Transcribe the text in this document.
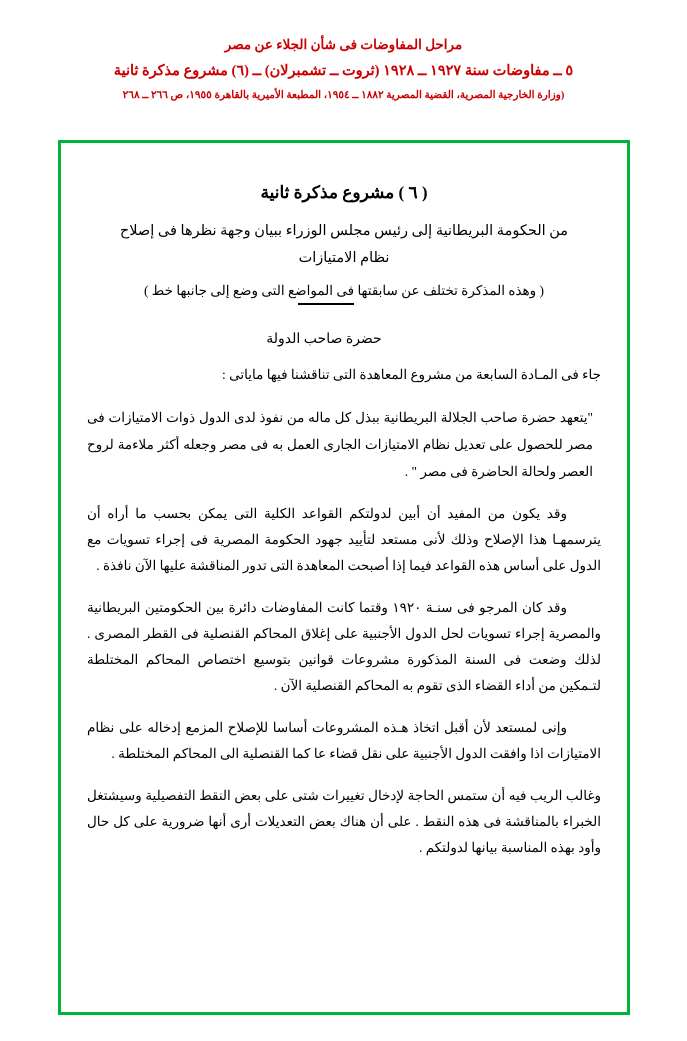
مراحل المفاوضات فى شأن الجلاء عن مصر
٥ ــ مفاوضات سنة ١٩٢٧ ــ ١٩٢٨ (ثروت ــ تشمبرلان) ــ (٦) مشروع مذكرة ثانية
(وزارة الخارجية المصرية، القضية المصرية ١٨٨٢ ــ ١٩٥٤، المطبعة الأميرية بالقاهرة ١٩٥٥، ص ٢٦٦ ــ ٢٦٨
( ٦ ) مشروع مذكرة ثانية
من الحكومة البريطانية إلى رئيس مجلس الوزراء ببيان وجهة نظرها فى إصلاح
نظام الامتيازات
( وهذه المذكرة تختلف عن سابقتها فى المواضع التى وضع إلى جانبها خط )
حضرة صاحب الدولة

جاء فى المـادة السابعة من مشروع المعاهدة التى تناقشنا فيها ماياتى :

"يتعهد حضرة صاحب الجلالة البريطانية ببذل كل ماله من نفوذ لدى الدول ذوات الامتيازات فى مصر للحصول على تعديل نظام الامتيازات الجارى العمل به فى مصر وجعله أكثر ملاءمة لروح العصر ولحالة الحاضرة فى مصر " .

وقد يكون من المفيد أن أبين لدولتكم القواعد الكلية التى يمكن بحسب ما أراه أن يترسمهـا هذا الإصلاح وذلك لأنى مستعد لتأييد جهود الحكومة المصرية فى إجراء تسويات مع الدول على أساس هذه القواعد فيما إذا أصبحت المعاهدة التى تدور المناقشة عليها الآن نافذة .

وقد كان المرجو فى سنـة ١٩٢٠ وقتما كانت المفاوضات دائرة بين الحكومتين البريطانية والمصرية إجراء تسويات لحل الدول الأجنبية على إغلاق المحاكم القنصلية فى القطر المصرى . لذلك وضعت فى السنة المذكورة مشروعات قوانين بتوسيع اختصاص المحاكم المختلطة لتـمكين من أداء القضاء الذى تقوم به المحاكم القنصلية الآن .

وإنى لمستعد لأن أقبل اتخاذ هـذه المشروعات أساسا للإصلاح المزمع إدخاله على نظام الامتيازات اذا وافقت الدول الأجنبية على نقل قضاء عا كما القنصلية الى المحاكم المختلطة .

وغالب الريب فيه أن ستمس الحاجة لإدخال تغييرات شتى على بعض النقط التفصيلية وسيشتغل الخبراء بالمناقشة فى هذه النقط . على أن هناك بعض التعديلات أرى أنها ضرورية على كل حال وأود بهذه المناسبة بيانها لدولتكم .
